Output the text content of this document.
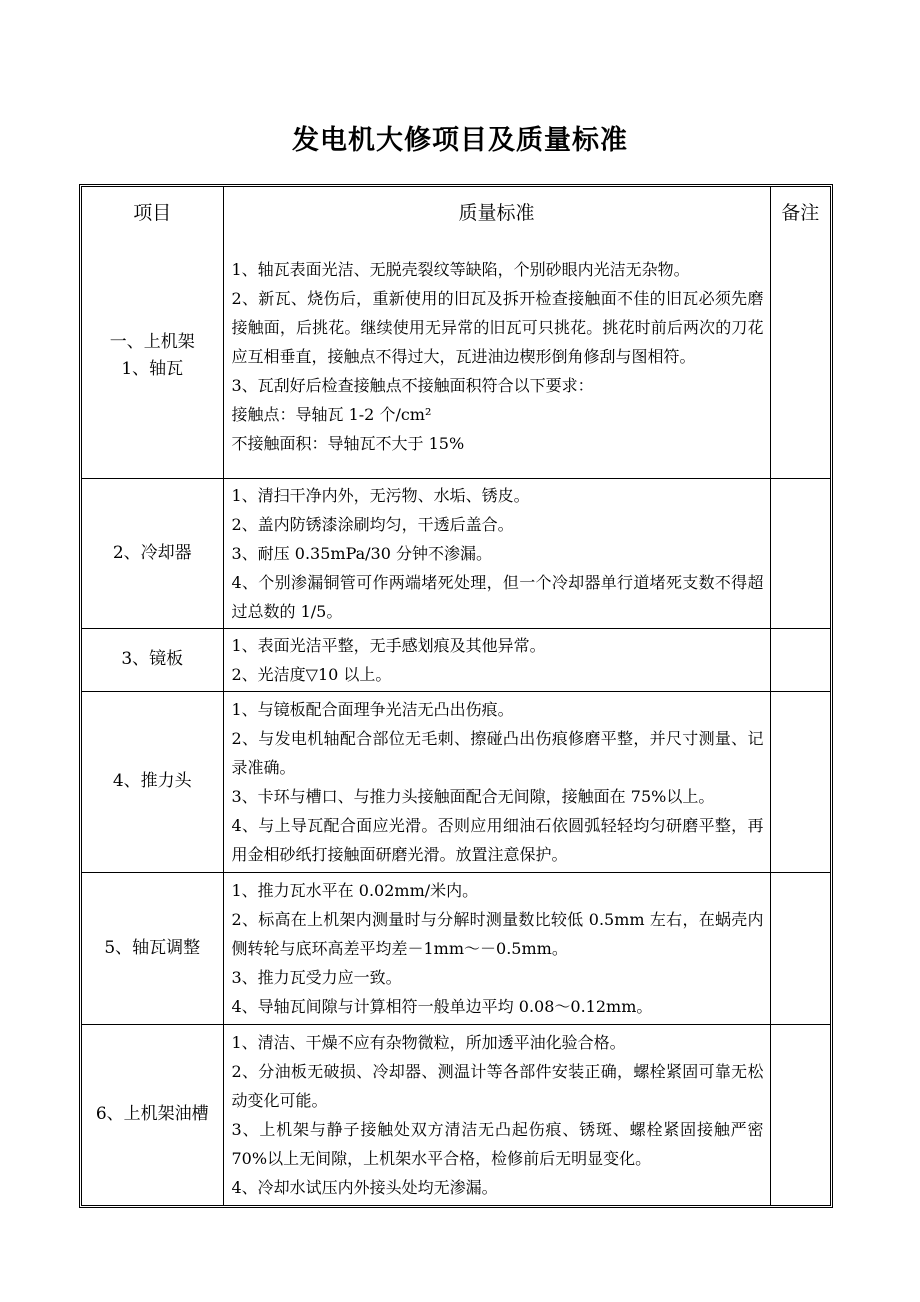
发电机大修项目及质量标准
项目	质量标准	备注

一、上机架
1、轴瓦	1、轴瓦表面光洁、无脱壳裂纹等缺陷，个别砂眼内光洁无杂物。
2、新瓦、烧伤后，重新使用的旧瓦及拆开检查接触面不佳的旧瓦必须先磨接触面，后挑花。继续使用无异常的旧瓦可只挑花。挑花时前后两次的刀花应互相垂直，接触点不得过大，瓦进油边楔形倒角修刮与图相符。
3、瓦刮好后检查接触点不接触面积符合以下要求：
接触点：导轴瓦 1-2 个/cm²
不接触面积：导轴瓦不大于 15%	

2、冷却器	1、清扫干净内外，无污物、水垢、锈皮。
2、盖内防锈漆涂刷均匀，干透后盖合。
3、耐压 0.35mPa/30 分钟不渗漏。
4、个别渗漏铜管可作两端堵死处理，但一个冷却器单行道堵死支数不得超过总数的 1/5。	

3、镜板	1、表面光洁平整，无手感划痕及其他异常。
2、光洁度▽10 以上。	

4、推力头	1、与镜板配合面理争光洁无凸出伤痕。
2、与发电机轴配合部位无毛刺、擦碰凸出伤痕修磨平整，并尺寸测量、记录准确。
3、卡环与槽口、与推力头接触面配合无间隙，接触面在 75%以上。
4、与上导瓦配合面应光滑。否则应用细油石依圆弧轻轻均匀研磨平整，再用金相砂纸打接触面研磨光滑。放置注意保护。	

5、轴瓦调整	1、推力瓦水平在 0.02mm/米内。
2、标高在上机架内测量时与分解时测量数比较低 0.5mm 左右，在蜗壳内侧转轮与底环高差平均差－1mm～－0.5mm。
3、推力瓦受力应一致。
4、导轴瓦间隙与计算相符一般单边平均 0.08～0.12mm。	

6、上机架油槽	1、清洁、干燥不应有杂物微粒，所加透平油化验合格。
2、分油板无破损、冷却器、测温计等各部件安装正确，螺栓紧固可靠无松动变化可能。
3、上机架与静子接触处双方清洁无凸起伤痕、锈斑、螺栓紧固接触严密 70%以上无间隙，上机架水平合格，检修前后无明显变化。
4、冷却水试压内外接头处均无渗漏。	
